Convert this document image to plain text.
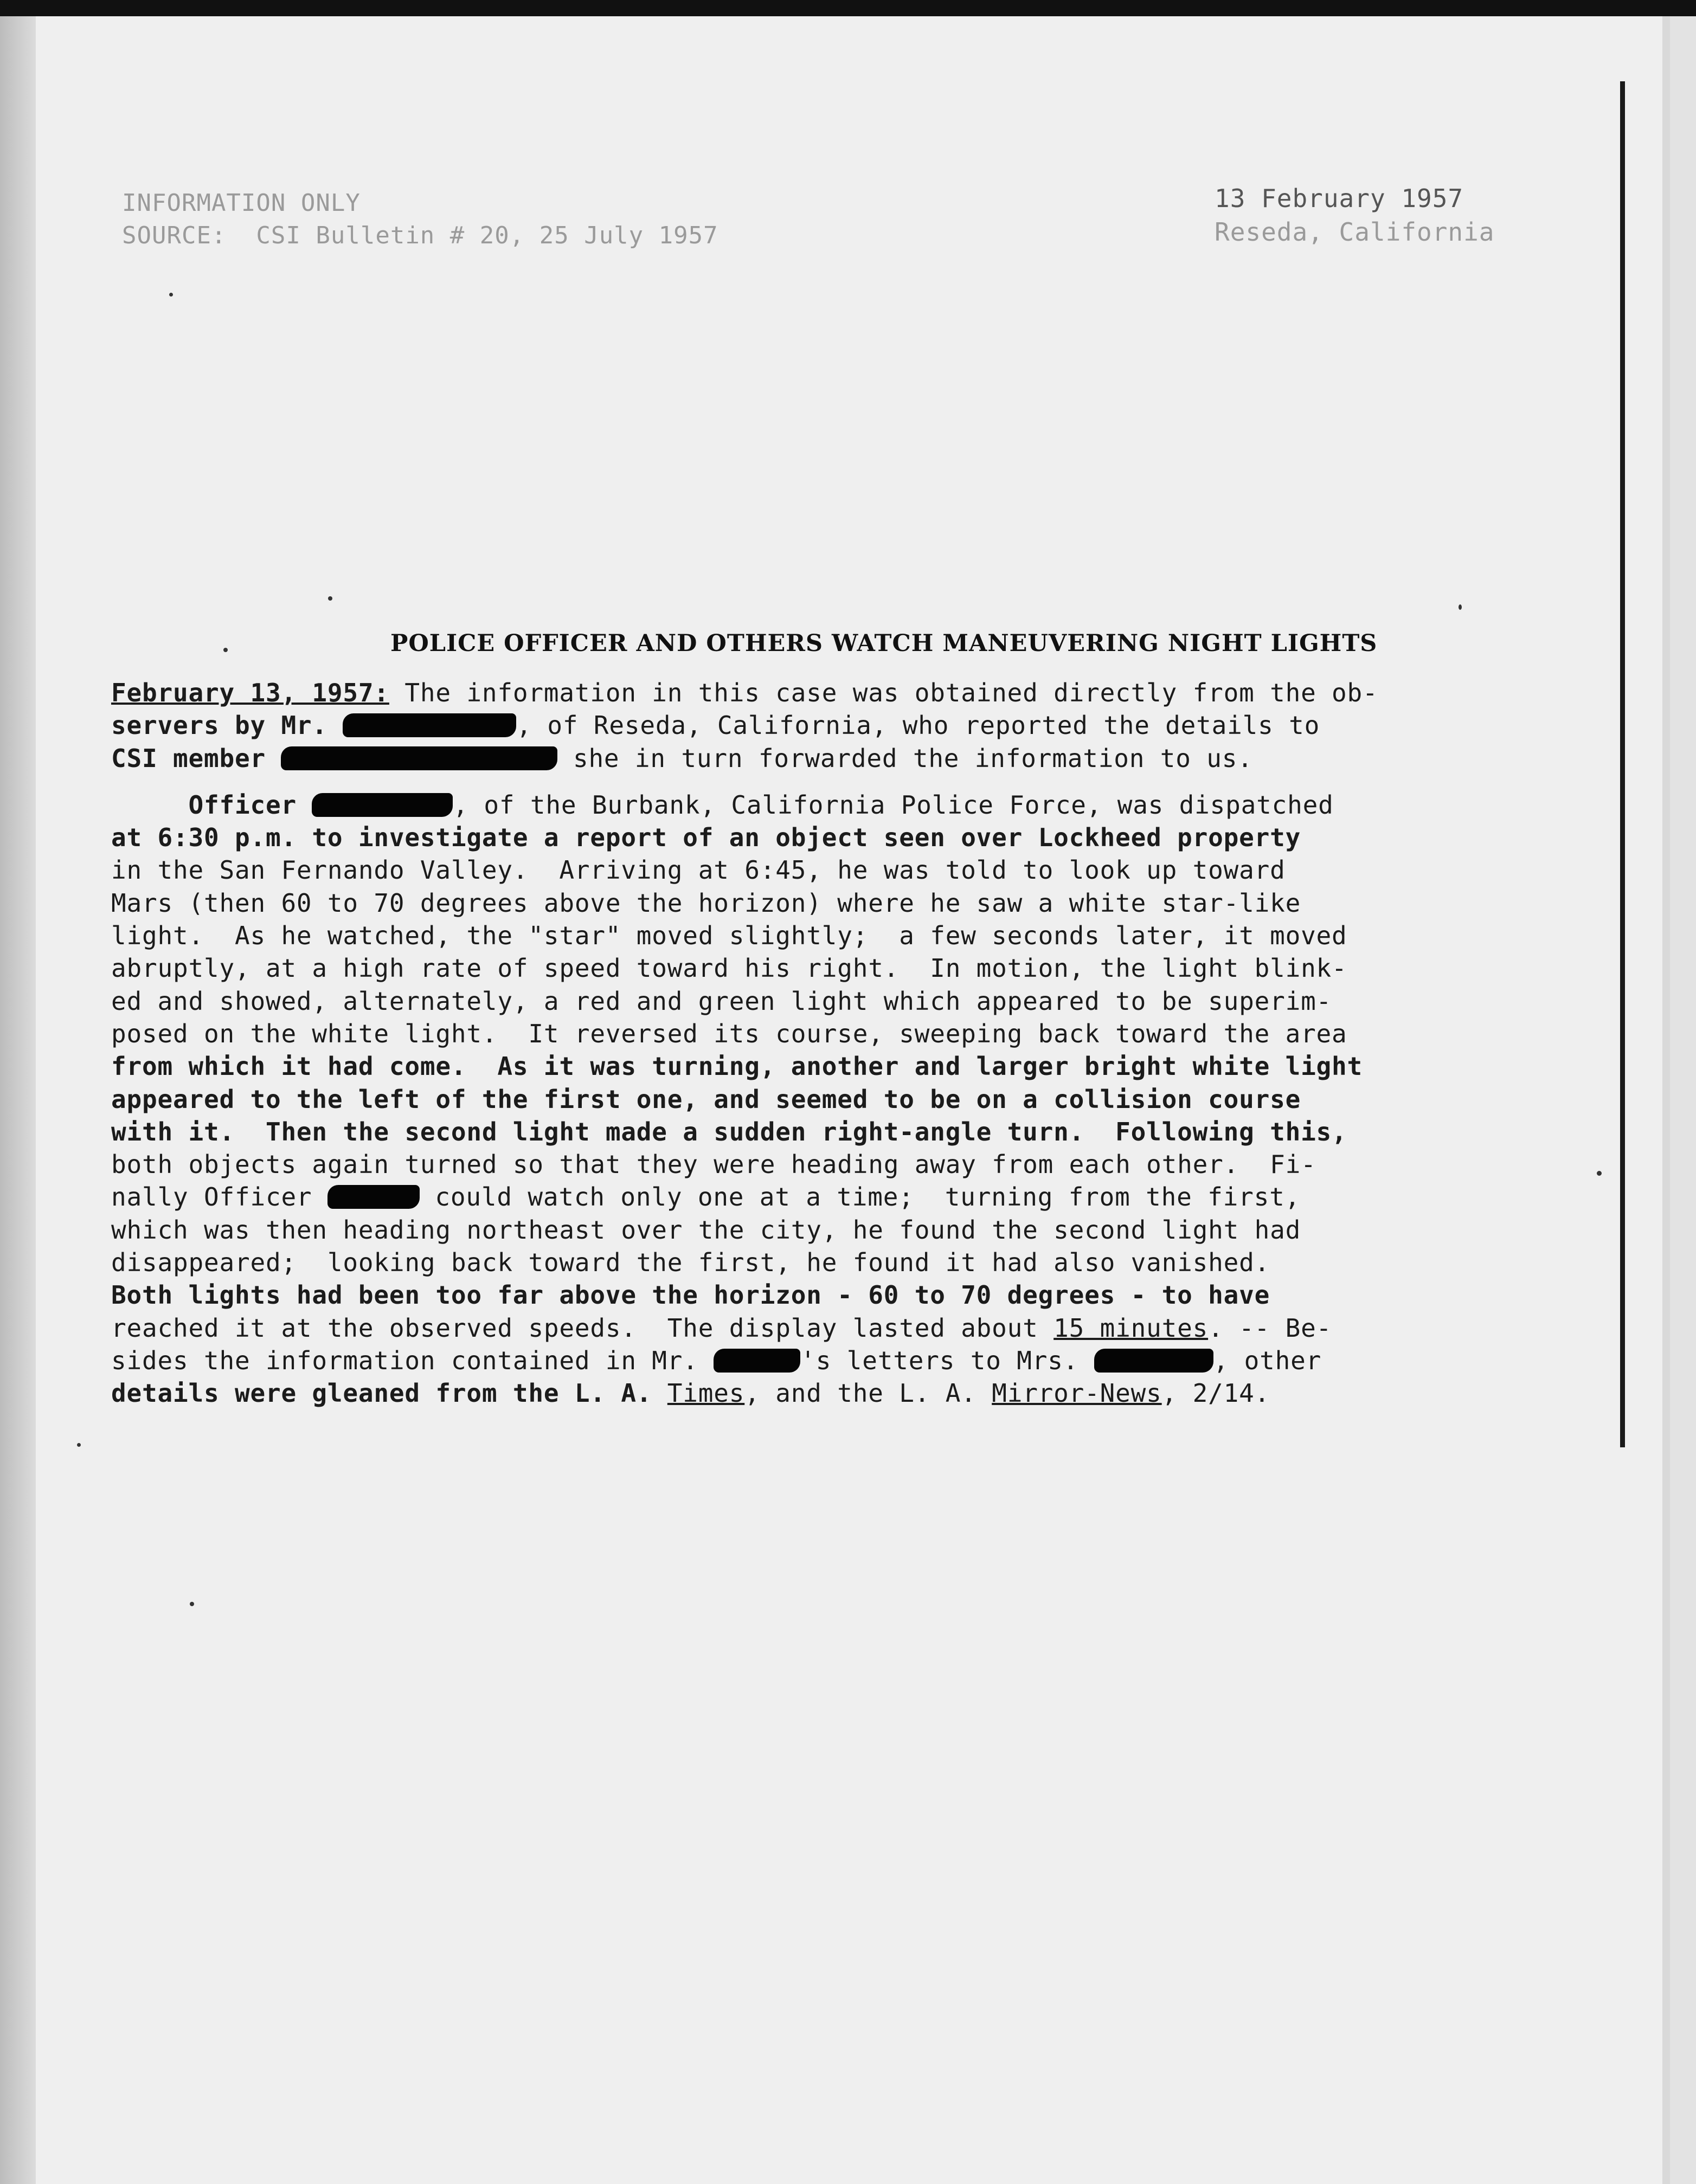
INFORMATION ONLY
SOURCE:  CSI Bulletin # 20, 25 July 1957
13 February 1957
Reseda, California
POLICE OFFICER AND OTHERS WATCH MANEUVERING NIGHT LIGHTS
February 13, 1957: The information in this case was obtained directly from the ob-
servers by Mr.	, of Reseda, California, who reported the details to
CSI member	she in turn forwarded the information to us.
Officer	, of the Burbank, California Police Force, was dispatched
at 6:30 p.m. to investigate a report of an object seen over Lockheed property
in the San Fernando Valley.  Arriving at 6:45, he was told to look up toward
Mars (then 60 to 70 degrees above the horizon) where he saw a white star-like
light.  As he watched, the "star" moved slightly;  a few seconds later, it moved
abruptly, at a high rate of speed toward his right.  In motion, the light blink-
ed and showed, alternately, a red and green light which appeared to be superim-
posed on the white light.  It reversed its course, sweeping back toward the area
from which it had come.  As it was turning, another and larger bright white light
appeared to the left of the first one, and seemed to be on a collision course
with it.  Then the second light made a sudden right-angle turn.  Following this,
both objects again turned so that they were heading away from each other.  Fi-
nally Officer	could watch only one at a time;  turning from the first,
which was then heading northeast over the city, he found the second light had
disappeared;  looking back toward the first, he found it had also vanished.
Both lights had been too far above the horizon - 60 to 70 degrees - to have
reached it at the observed speeds.  The display lasted about 15 minutes. -- Be-
sides the information contained in Mr.	's letters to Mrs.	, other
details were gleaned from the L. A. Times, and the L. A. Mirror-News, 2/14.
